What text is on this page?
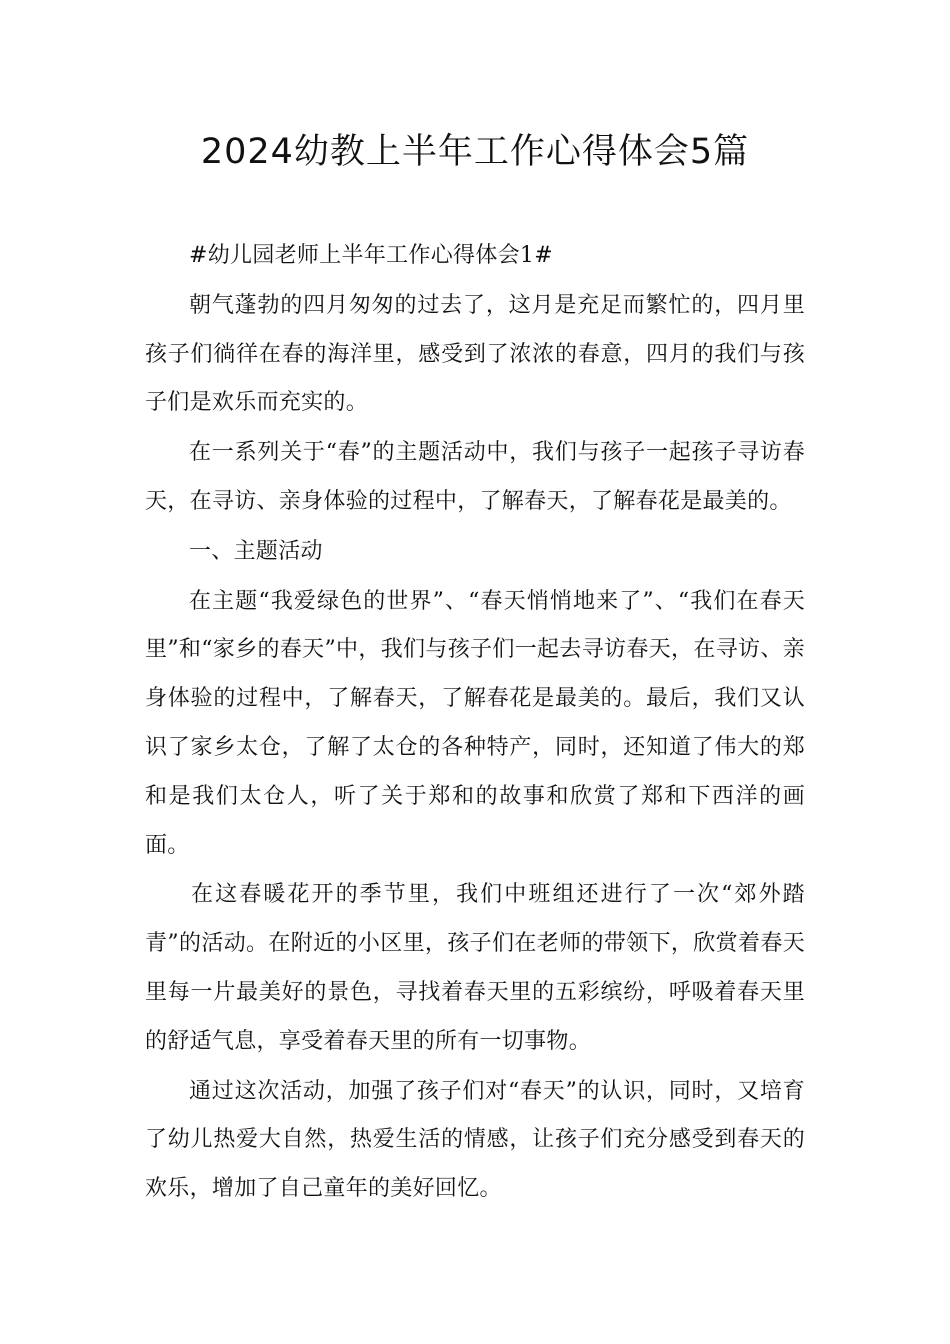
2024幼教上半年工作心得体会5篇

#幼儿园老师上半年工作心得体会1#

朝气蓬勃的四月匆匆的过去了，这月是充足而繁忙的，四月里孩子们徜徉在春的海洋里，感受到了浓浓的春意，四月的我们与孩子们是欢乐而充实的。

在一系列关于“春”的主题活动中，我们与孩子一起孩子寻访春天，在寻访、亲身体验的过程中，了解春天，了解春花是最美的。

一、主题活动

在主题“我爱绿色的世界”、“春天悄悄地来了”、“我们在春天里”和“家乡的春天”中，我们与孩子们一起去寻访春天，在寻访、亲身体验的过程中，了解春天，了解春花是最美的。最后，我们又认识了家乡太仓，了解了太仓的各种特产，同时，还知道了伟大的郑和是我们太仓人，听了关于郑和的故事和欣赏了郑和下西洋的画面。

在这春暖花开的季节里，我们中班组还进行了一次“郊外踏青”的活动。在附近的小区里，孩子们在老师的带领下，欣赏着春天里每一片最美好的景色，寻找着春天里的五彩缤纷，呼吸着春天里的舒适气息，享受着春天里的所有一切事物。

通过这次活动，加强了孩子们对“春天”的认识，同时，又培育了幼儿热爱大自然，热爱生活的情感，让孩子们充分感受到春天的欢乐，增加了自己童年的美好回忆。
